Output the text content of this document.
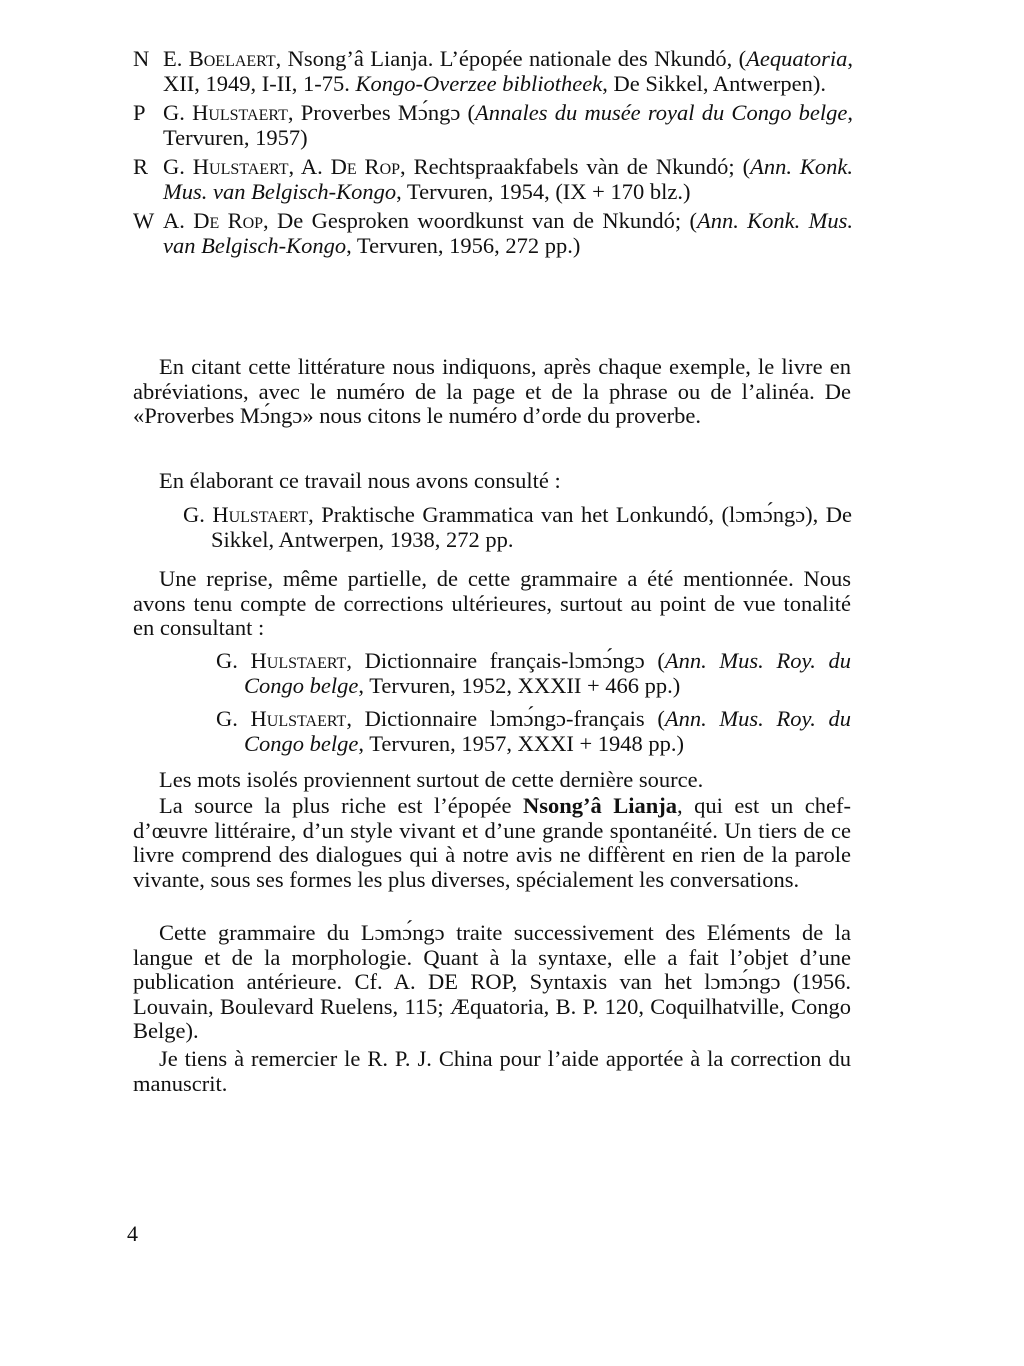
N E. Boelaert, Nsong’â Lianja. L’épopée nationale des Nkundó, (Aequatoria, XII, 1949, I-II, 1-75. Kongo-Overzee bibliotheek, De Sikkel, Antwerpen).
P G. Hulstaert, Proverbes Mɔ́ngɔ (Annales du musée royal du Congo belge, Tervuren, 1957)
R G. Hulstaert, A. De Rop, Rechtspraakfabels vàn de Nkundó; (Ann. Konk. Mus. van Belgisch-Kongo, Tervuren, 1954, (IX + 170 blz.)
W A. De Rop, De Gesproken woordkunst van de Nkundó; (Ann. Konk. Mus. van Belgisch-Kongo, Tervuren, 1956, 272 pp.)

En citant cette littérature nous indiquons, après chaque exemple, le livre en abréviations, avec le numéro de la page et de la phrase ou de l’alinéa. De «Proverbes Mɔ́ngɔ» nous citons le numéro d’orde du proverbe.

En élaborant ce travail nous avons consulté :

G. Hulstaert, Praktische Grammatica van het Lonkundó, (lɔmɔ́ngɔ), De Sikkel, Antwerpen, 1938, 272 pp.

Une reprise, même partielle, de cette grammaire a été mentionnée. Nous avons tenu compte de corrections ultérieures, surtout au point de vue tonalité en consultant :

G. Hulstaert, Dictionnaire français-lɔmɔ́ngɔ (Ann. Mus. Roy. du Congo belge, Tervuren, 1952, XXXII + 466 pp.)

G. Hulstaert, Dictionnaire lɔmɔ́ngɔ-français (Ann. Mus. Roy. du Congo belge, Tervuren, 1957, XXXI + 1948 pp.)

Les mots isolés proviennent surtout de cette dernière source.

La source la plus riche est l’épopée Nsong’â Lianja, qui est un chef-d’œuvre littéraire, d’un style vivant et d’une grande spontanéité. Un tiers de ce livre comprend des dialogues qui à notre avis ne diffèrent en rien de la parole vivante, sous ses formes les plus diverses, spécialement les conversations.

Cette grammaire du Lɔmɔ́ngɔ traite successivement des Eléments de la langue et de la morphologie. Quant à la syntaxe, elle a fait l’objet d’une publication antérieure. Cf. A. DE ROP, Syntaxis van het lɔmɔ́ngɔ (1956. Louvain, Boulevard Ruelens, 115; Æquatoria, B. P. 120, Coquilhatville, Congo Belge).

Je tiens à remercier le R. P. J. China pour l’aide apportée à la correction du manuscrit.

4
